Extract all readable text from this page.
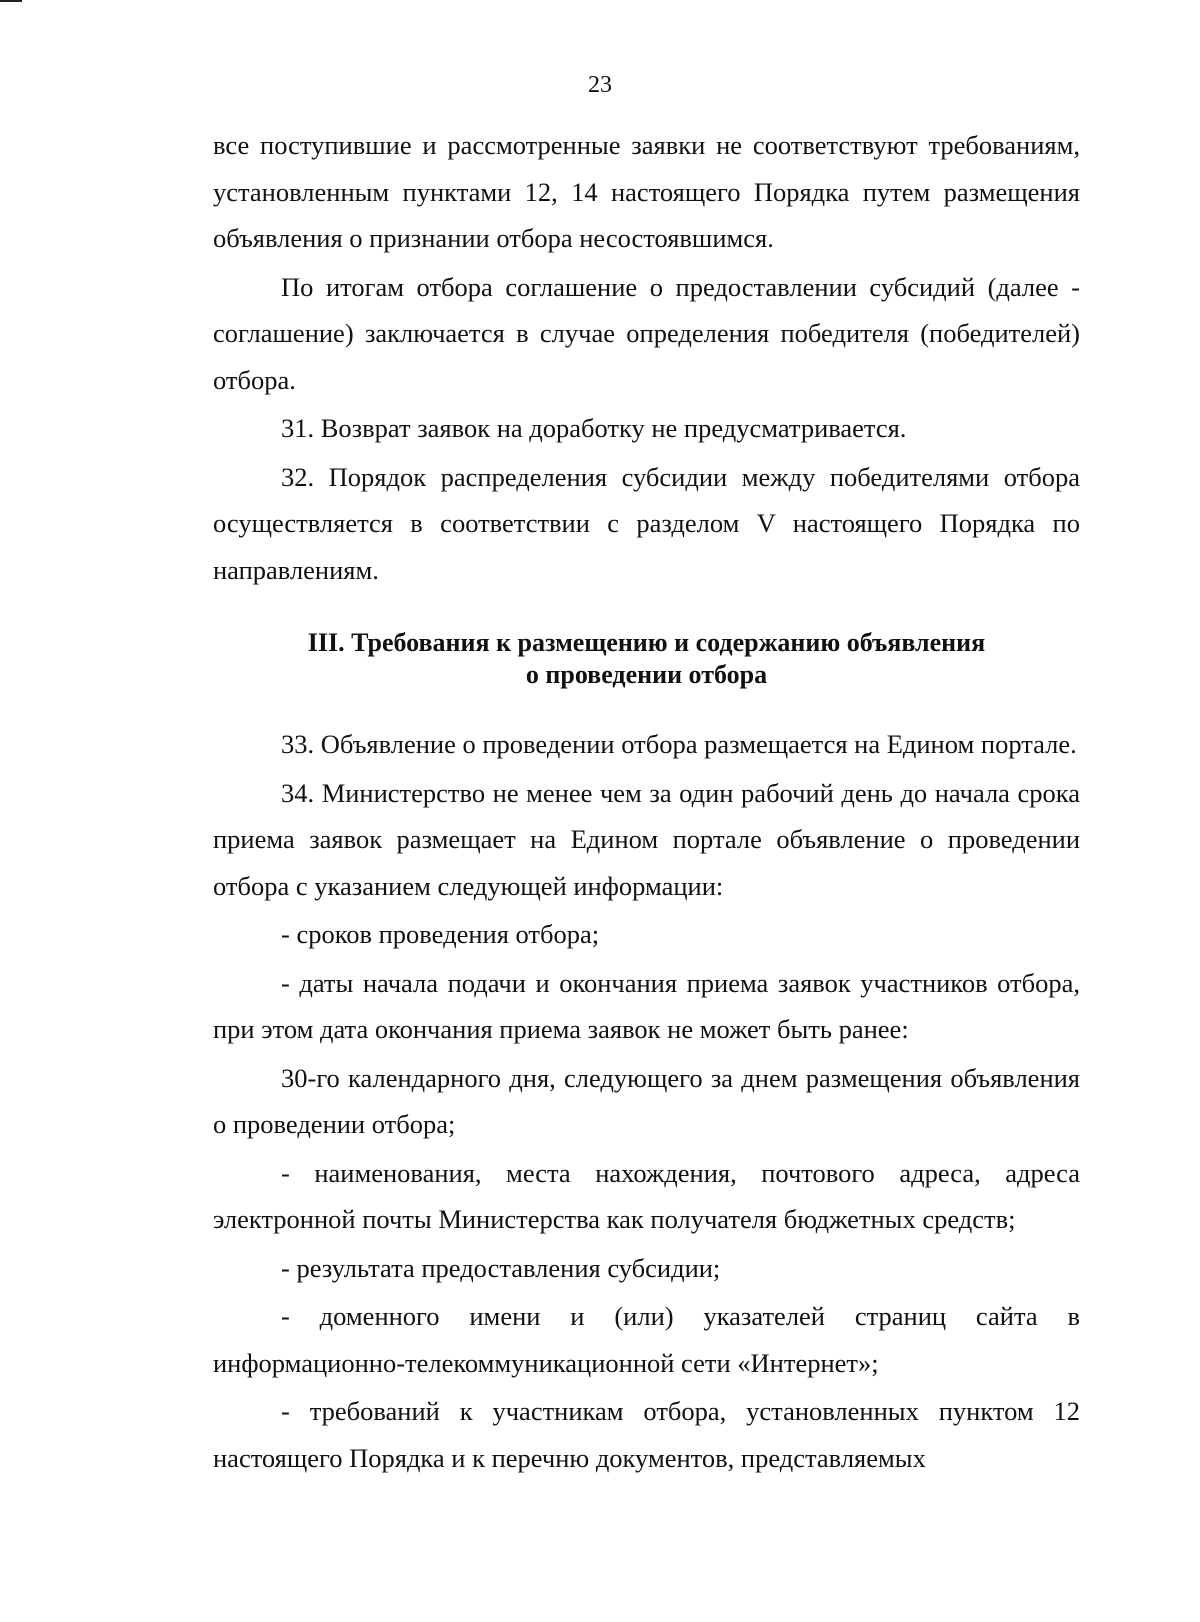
23

все поступившие и рассмотренные заявки не соответствуют требованиям, установленным пунктами 12, 14 настоящего Порядка путем размещения объявления о признании отбора несостоявшимся.

По итогам отбора соглашение о предоставлении субсидий (далее - соглашение) заключается в случае определения победителя (победителей) отбора.

31. Возврат заявок на доработку не предусматривается.

32. Порядок распределения субсидии между победителями отбора осуществляется в соответствии с разделом V настоящего Порядка по направлениям.

III. Требования к размещению и содержанию объявления
о проведении отбора

33. Объявление о проведении отбора размещается на Едином портале.

34. Министерство не менее чем за один рабочий день до начала срока приема заявок размещает на Едином портале объявление о проведении отбора с указанием следующей информации:

- сроков проведения отбора;

- даты начала подачи и окончания приема заявок участников отбора, при этом дата окончания приема заявок не может быть ранее:

30-го календарного дня, следующего за днем размещения объявления о проведении отбора;

- наименования, места нахождения, почтового адреса, адреса электронной почты Министерства как получателя бюджетных средств;

- результата предоставления субсидии;

- доменного имени и (или) указателей страниц сайта в информационно-телекоммуникационной сети «Интернет»;

- требований к участникам отбора, установленных пунктом 12 настоящего Порядка и к перечню документов, представляемых
